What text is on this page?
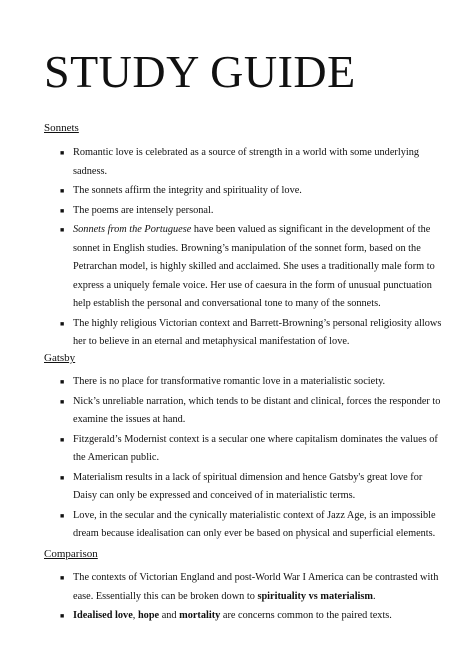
STUDY GUIDE
Sonnets
■ Romantic love is celebrated as a source of strength in a world with some underlying sadness.
■ The sonnets affirm the integrity and spirituality of love.
■ The poems are intensely personal.
■ Sonnets from the Portuguese have been valued as significant in the development of the sonnet in English studies. Browning’s manipulation of the sonnet form, based on the Petrarchan model, is highly skilled and acclaimed. She uses a traditionally male form to express a uniquely female voice. Her use of caesura in the form of unusual punctuation help establish the personal and conversational tone to many of the sonnets.
■ The highly religious Victorian context and Barrett-Browning’s personal religiosity allows her to believe in an eternal and metaphysical manifestation of love.
Gatsby
■ There is no place for transformative romantic love in a materialistic society.
■ Nick’s unreliable narration, which tends to be distant and clinical, forces the responder to examine the issues at hand.
■ Fitzgerald’s Modernist context is a secular one where capitalism dominates the values of the American public.
■ Materialism results in a lack of spiritual dimension and hence Gatsby's great love for Daisy can only be expressed and conceived of in materialistic terms.
■ Love, in the secular and the cynically materialistic context of Jazz Age, is an impossible dream because idealisation can only ever be based on physical and superficial elements.
Comparison
■ The contexts of Victorian England and post-World War I America can be contrasted with ease. Essentially this can be broken down to spirituality vs materialism.
■ Idealised love, hope and mortality are concerns common to the paired texts.
